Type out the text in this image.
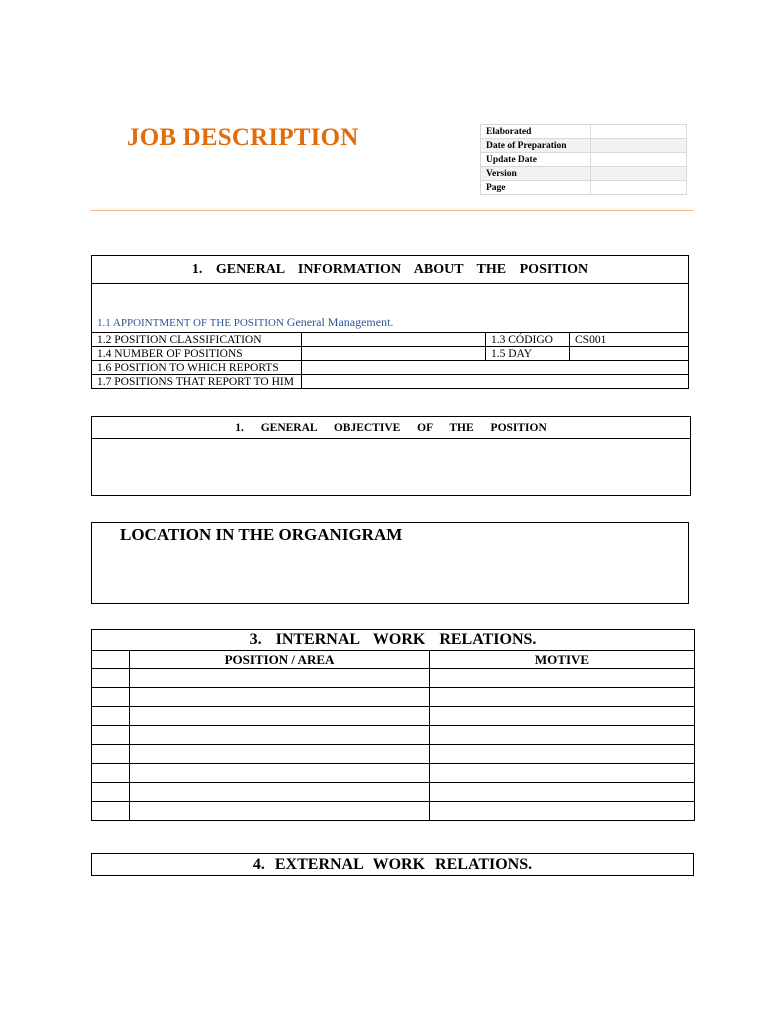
JOB DESCRIPTION	Elaborated	
Date of Preparation	
Update Date	
Version	
Page	
1. GENERAL INFORMATION ABOUT THE POSITION			
1.1 APPOINTMENT OF THE POSITION General Management.			
1.2 POSITION CLASSIFICATION		1.3 CÓDIGO	CS001
1.4 NUMBER OF POSITIONS		1.5 DAY	
1.6 POSITION TO WHICH REPORTS			
1.7 POSITIONS THAT REPORT TO HIM			
1. GENERAL OBJECTIVE OF THE POSITION

LOCATION IN THE ORGANIGRAM
3. INTERNAL WORK RELATIONS.		
	POSITION / AREA	MOTIVE

4. EXTERNAL WORK RELATIONS.
